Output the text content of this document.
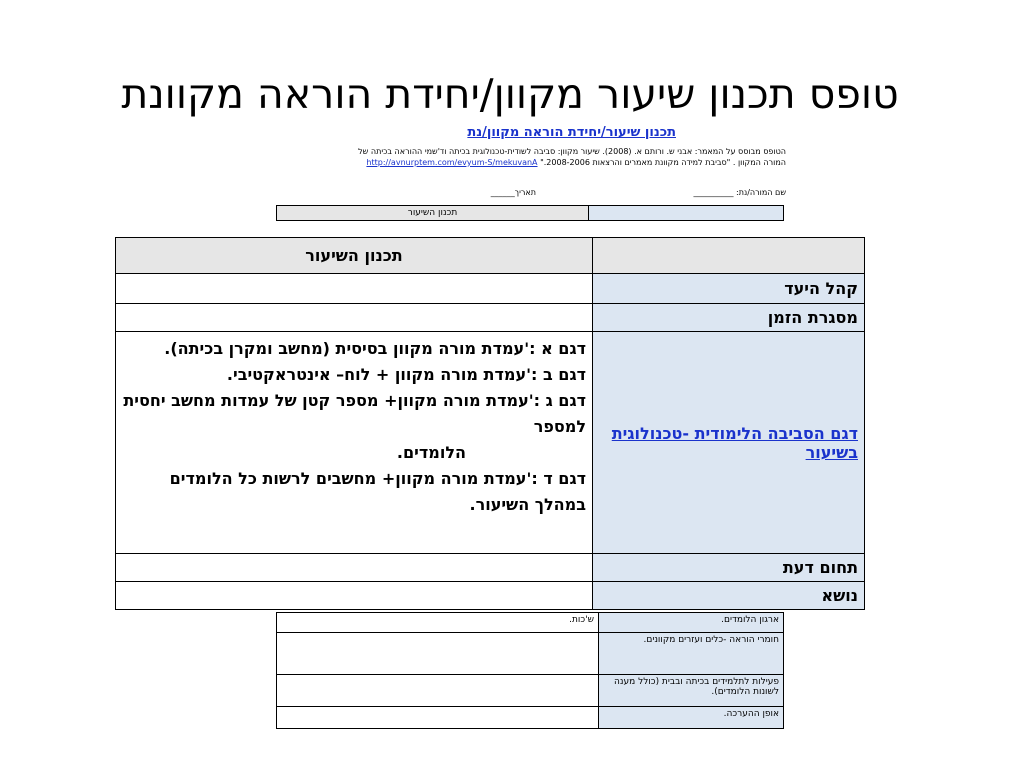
טופס תכנון שיעור מקוון/יחידת הוראה מקוונת
תכנון שיעור/יחידת הוראה מקוון/נת
הטופס מבוסס על המאמר: אבני ש. ורותם א. (2008). שיעור מקוון: סביבה לשודית-טכנולוגית בכיתה וד'שמי ההוראה בכיתה של
המורה המקוון . "סביבת למידה מקוונת מאמרים והרצאות 2008-2006." http://avnurptem.com/evyum-S/mekuvanA
שם המורה/נת: __________
תאריך______
	תכנון השיעור
ארגון הלומדים.	ש'כות.
חומרי הוראה -כלים ועזרים מקוונים.	
פעילות לתלמידים בכיתה ובבית (כולל מענה לשונות הלומדים).	
אופן ההערכה.	
	תכנון השיעור
קהל היעד	
מסגרת הזמן	
דגם הסביבה הלימודית -טכנולוגית בשיעור	דגם א :'עמדת מורה מקוון בסיסית (מחשב ומקרן בכיתה).
דגם ב :'עמדת מורה מקוון + לוח– אינטראקטיבי.
דגם ג :'עמדת מורה מקוון+ מספר קטן של עמדות מחשב יחסית למספר
הלומדים.
דגם ד :'עמדת מורה מקוון+ מחשבים לרשות כל הלומדים במהלך השיעור.

תחום דעת	
נושא	
